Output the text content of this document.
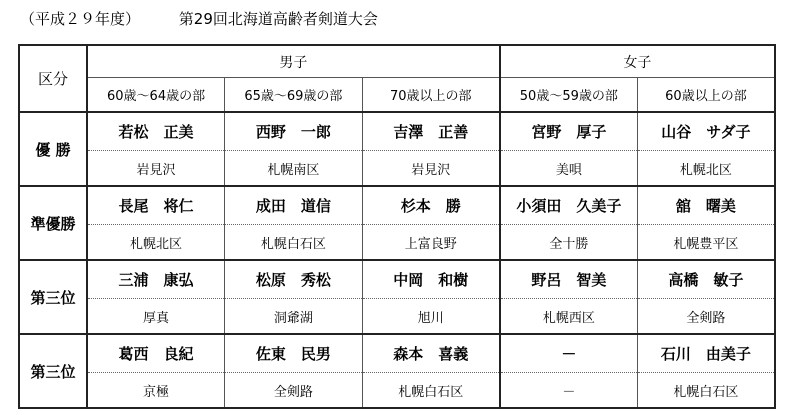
（平成２９年度）	第29回北海道高齢者剣道大会
区分	男子			女子	
	60歳～64歳の部	65歳～69歳の部	70歳以上の部	50歳～59歳の部	60歳以上の部
優 勝	若松　正美	西野　一郎	吉澤　正善	宮野　厚子	山谷　サダ子
	岩見沢	札幌南区	岩見沢	美唄	札幌北区
準優勝	長尾　将仁	成田　道信	杉本　勝	小須田　久美子	舘　曙美
	札幌北区	札幌白石区	上富良野	全十勝	札幌豊平区
第三位	三浦　康弘	松原　秀松	中岡　和樹	野呂　智美	高橋　敏子
	厚真	洞爺湖	旭川	札幌西区	全剣路
第三位	葛西　良紀	佐東　民男	森本　喜義	－	石川　由美子
	京極	全剣路	札幌白石区	－	札幌白石区
